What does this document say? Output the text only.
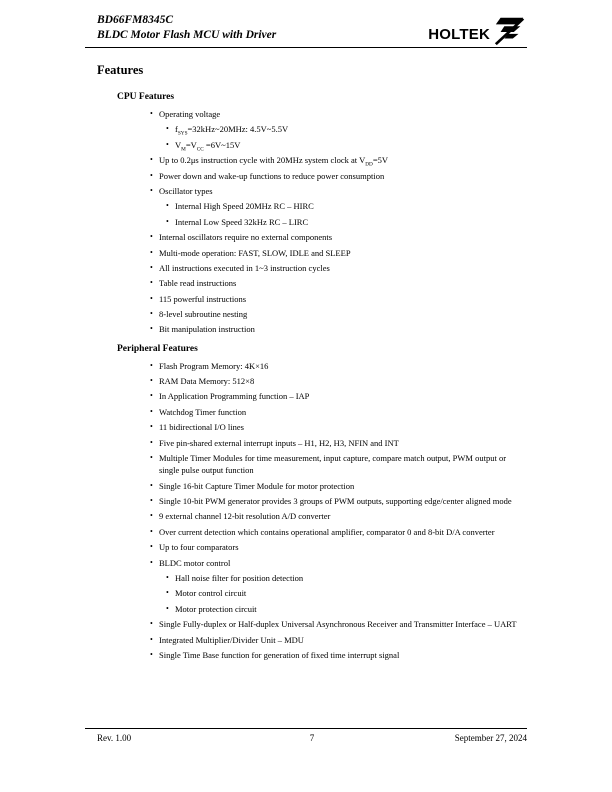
BD66FM8345C
BLDC Motor Flash MCU with Driver	HOLTEK
Features
CPU Features
• Operating voltage
• $f_{SYS}=32kHz\sim 20MHz$: 4.5V~5.5V
• $V_M=V_{CC}$ =6V~15V
• Up to 0.2μs instruction cycle with 20MHz system clock at $V_{DD}=5V$
• Power down and wake-up functions to reduce power consumption
• Oscillator types
• Internal High Speed 20MHz RC – HIRC
• Internal Low Speed 32kHz RC – LIRC
• Internal oscillators require no external components
• Multi-mode operation: FAST, SLOW, IDLE and SLEEP
• All instructions executed in 1~3 instruction cycles
• Table read instructions
• 115 powerful instructions
• 8-level subroutine nesting
• Bit manipulation instruction
Peripheral Features
• Flash Program Memory: 4K×16
• RAM Data Memory: 512×8
• In Application Programming function – IAP
• Watchdog Timer function
• 11 bidirectional I/O lines
• Five pin-shared external interrupt inputs – H1, H2, H3, NFIN and INT
• Multiple Timer Modules for time measurement, input capture, compare match output, PWM output or single pulse output function
• Single 16-bit Capture Timer Module for motor protection
• Single 10-bit PWM generator provides 3 groups of PWM outputs, supporting edge/center aligned mode
• 9 external channel 12-bit resolution A/D converter
• Over current detection which contains operational amplifier, comparator 0 and 8-bit D/A converter
• Up to four comparators
• BLDC motor control
• Hall noise filter for position detection
• Motor control circuit
• Motor protection circuit
• Single Fully-duplex or Half-duplex Universal Asynchronous Receiver and Transmitter Interface – UART
• Integrated Multiplier/Divider Unit – MDU
• Single Time Base function for generation of fixed time interrupt signal
Rev. 1.00	7	September 27, 2024
